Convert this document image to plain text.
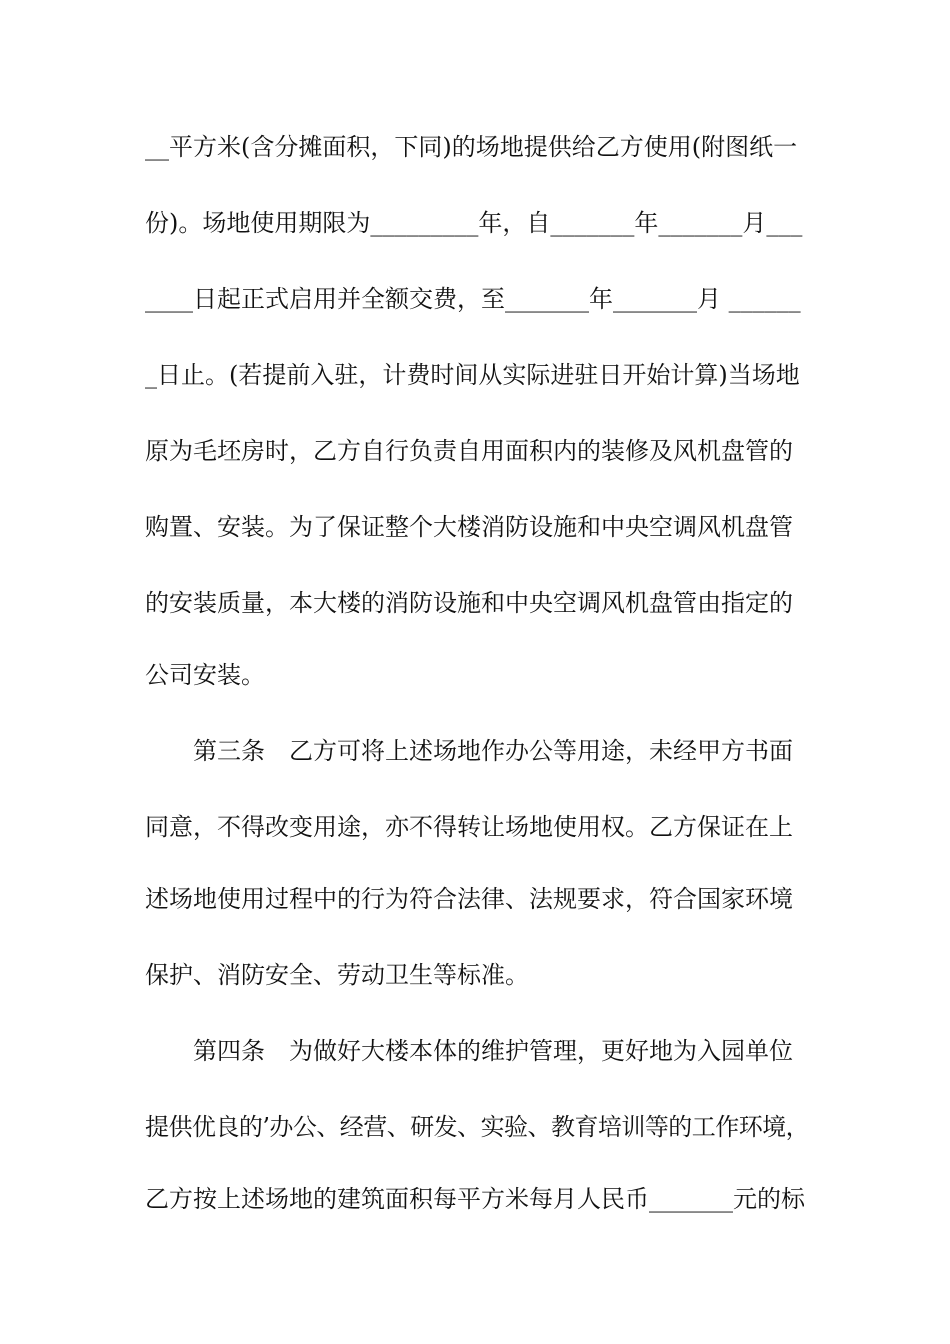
__平方米(含分摊面积，下同)的场地提供给乙方使用(附图纸一
份)。场地使用期限为_________年，自_______年_______月___
____日起正式启用并全额交费，至_______年_______月 ______
_日止。(若提前入驻，计费时间从实际进驻日开始计算)当场地
原为毛坯房时，乙方自行负责自用面积内的装修及风机盘管的
购置、安装。为了保证整个大楼消防设施和中央空调风机盘管
的安装质量，本大楼的消防设施和中央空调风机盘管由指定的
公司安装。
第三条　乙方可将上述场地作办公等用途，未经甲方书面
同意，不得改变用途，亦不得转让场地使用权。乙方保证在上
述场地使用过程中的行为符合法律、法规要求，符合国家环境
保护、消防安全、劳动卫生等标准。
第四条　为做好大楼本体的维护管理，更好地为入园单位
提供优良的’办公、经营、研发、实验、教育培训等的工作环境，
乙方按上述场地的建筑面积每平方米每月人民币_______元的标
